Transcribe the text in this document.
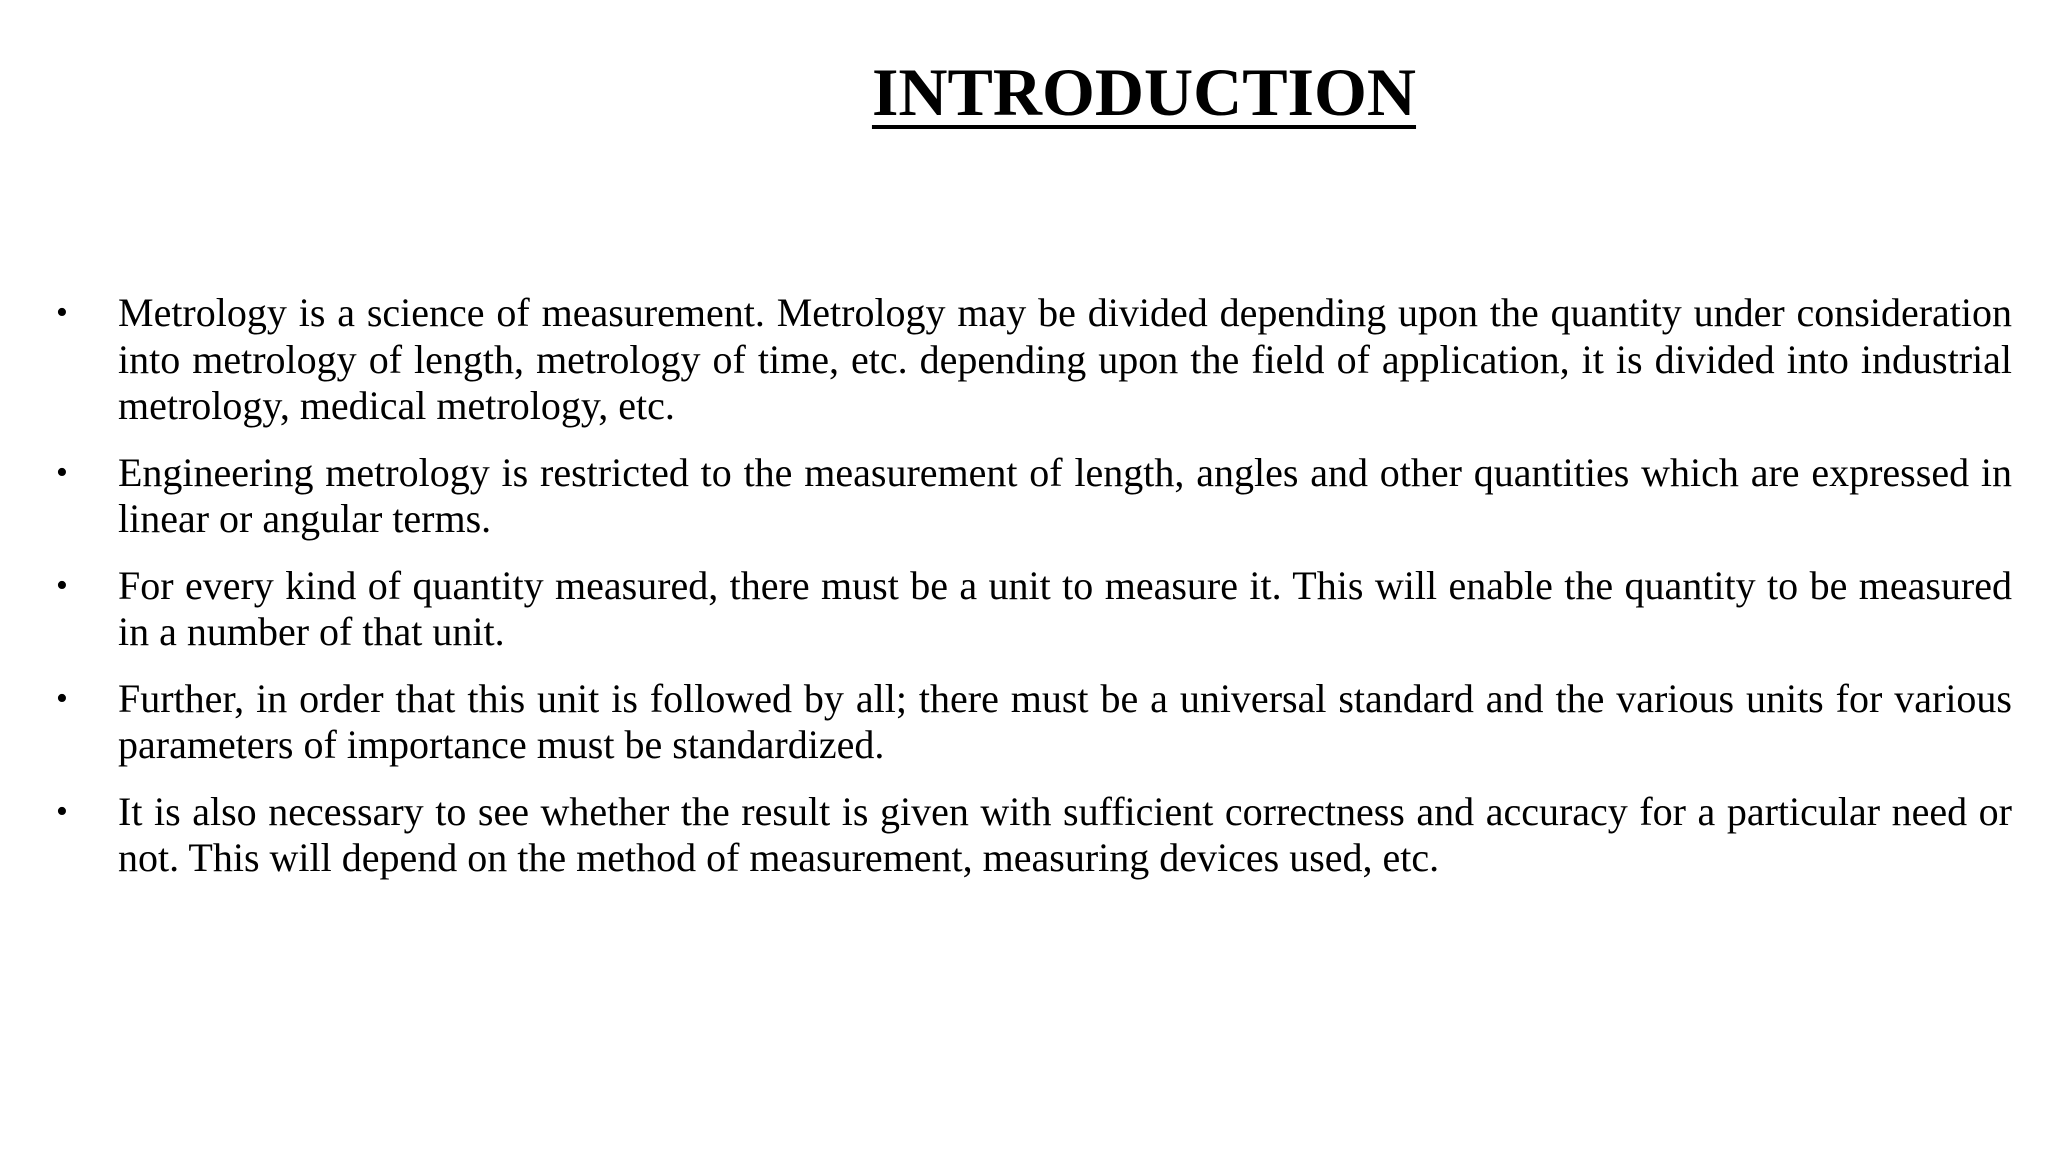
INTRODUCTION
•	Metrology is a science of measurement. Metrology may be divided depending upon the quantity under consideration into metrology of length, metrology of time, etc. depending upon the field of application, it is divided into industrial metrology, medical metrology, etc.
•	Engineering metrology is restricted to the measurement of length, angles and other quantities which are expressed in linear or angular terms.
•	For every kind of quantity measured, there must be a unit to measure it. This will enable the quantity to be measured in a number of that unit.
•	Further, in order that this unit is followed by all; there must be a universal standard and the various units for various parameters of importance must be standardized.
•	It is also necessary to see whether the result is given with sufficient correctness and accuracy for a particular need or not. This will depend on the method of measurement, measuring devices used, etc.
